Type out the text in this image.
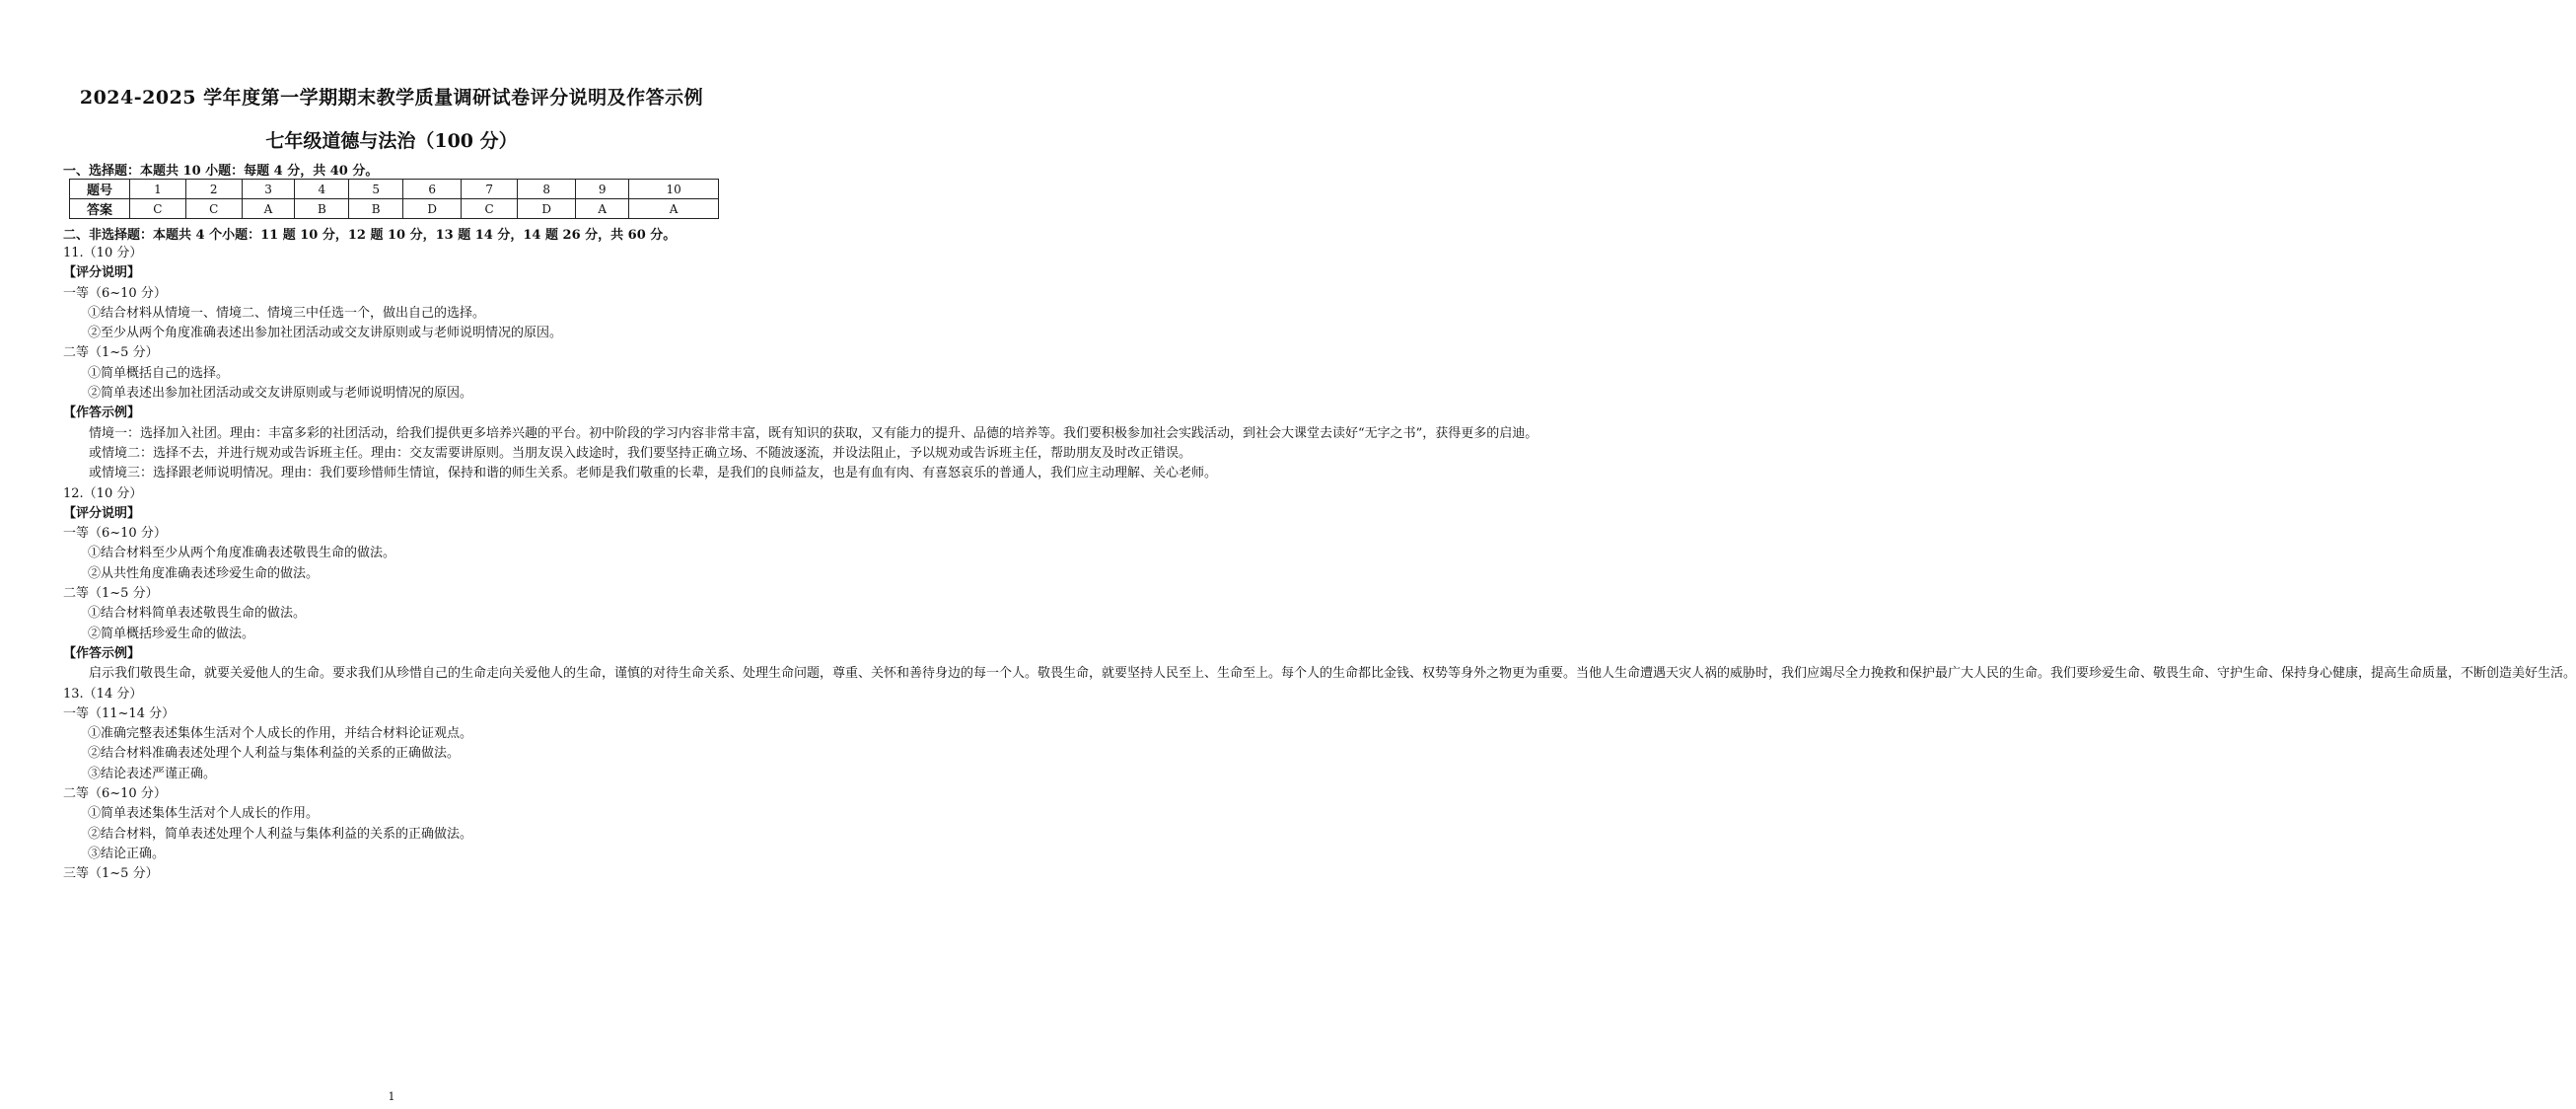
2024-2025 学年度第一学期期末教学质量调研试卷评分说明及作答示例
七年级道德与法治（100 分）
一、选择题：本题共 10 小题：每题 4 分，共 40 分。
题号	1	2	3	4	5	6	7	8	9	10
答案	C	C	A	B	B	D	C	D	A	A
二、非选择题：本题共 4 个小题：11 题 10 分，12 题 10 分，13 题 14 分，14 题 26 分，共 60 分。
11.（10 分）
【评分说明】
一等（6~10 分）
①结合材料从情境一、情境二、情境三中任选一个，做出自己的选择。
②至少从两个角度准确表述出参加社团活动或交友讲原则或与老师说明情况的原因。
二等（1~5 分）
①简单概括自己的选择。
②简单表述出参加社团活动或交友讲原则或与老师说明情况的原因。
【作答示例】
情境一：选择加入社团。理由：丰富多彩的社团活动，给我们提供更多培养兴趣的平台。初中阶段的学习内容非常丰富，既有知识的获取，又有能力的提升、品德的培养等。我们要积极参加社会实践活动，到社会大课堂去读好“无字之书”，获得更多的启迪。
或情境二：选择不去，并进行规劝或告诉班主任。理由：交友需要讲原则。当朋友误入歧途时，我们要坚持正确立场、不随波逐流，并设法阻止，予以规劝或告诉班主任，帮助朋友及时改正错误。
或情境三：选择跟老师说明情况。理由：我们要珍惜师生情谊，保持和谐的师生关系。老师是我们敬重的长辈，是我们的良师益友，也是有血有肉、有喜怒哀乐的普通人，我们应主动理解、关心老师。
12.（10 分）
【评分说明】
一等（6~10 分）
①结合材料至少从两个角度准确表述敬畏生命的做法。
②从共性角度准确表述珍爱生命的做法。
二等（1~5 分）
①结合材料简单表述敬畏生命的做法。
②简单概括珍爱生命的做法。
【作答示例】
启示我们敬畏生命，就要关爱他人的生命。要求我们从珍惜自己的生命走向关爱他人的生命，谨慎的对待生命关系、处理生命问题，尊重、关怀和善待身边的每一个人。敬畏生命，就要坚持人民至上、生命至上。每个人的生命都比金钱、权势等身外之物更为重要。当他人生命遭遇天灾人祸的威胁时，我们应竭尽全力挽救和保护最广大人民的生命。我们要珍爱生命、敬畏生命、守护生命、保持身心健康，提高生命质量，不断创造美好生活。
13.（14 分）
一等（11~14 分）
①准确完整表述集体生活对个人成长的作用，并结合材料论证观点。
②结合材料准确表述处理个人利益与集体利益的关系的正确做法。
③结论表述严谨正确。
二等（6~10 分）
①简单表述集体生活对个人成长的作用。
②结合材料，简单表述处理个人利益与集体利益的关系的正确做法。
③结论正确。
三等（1~5 分）
1
